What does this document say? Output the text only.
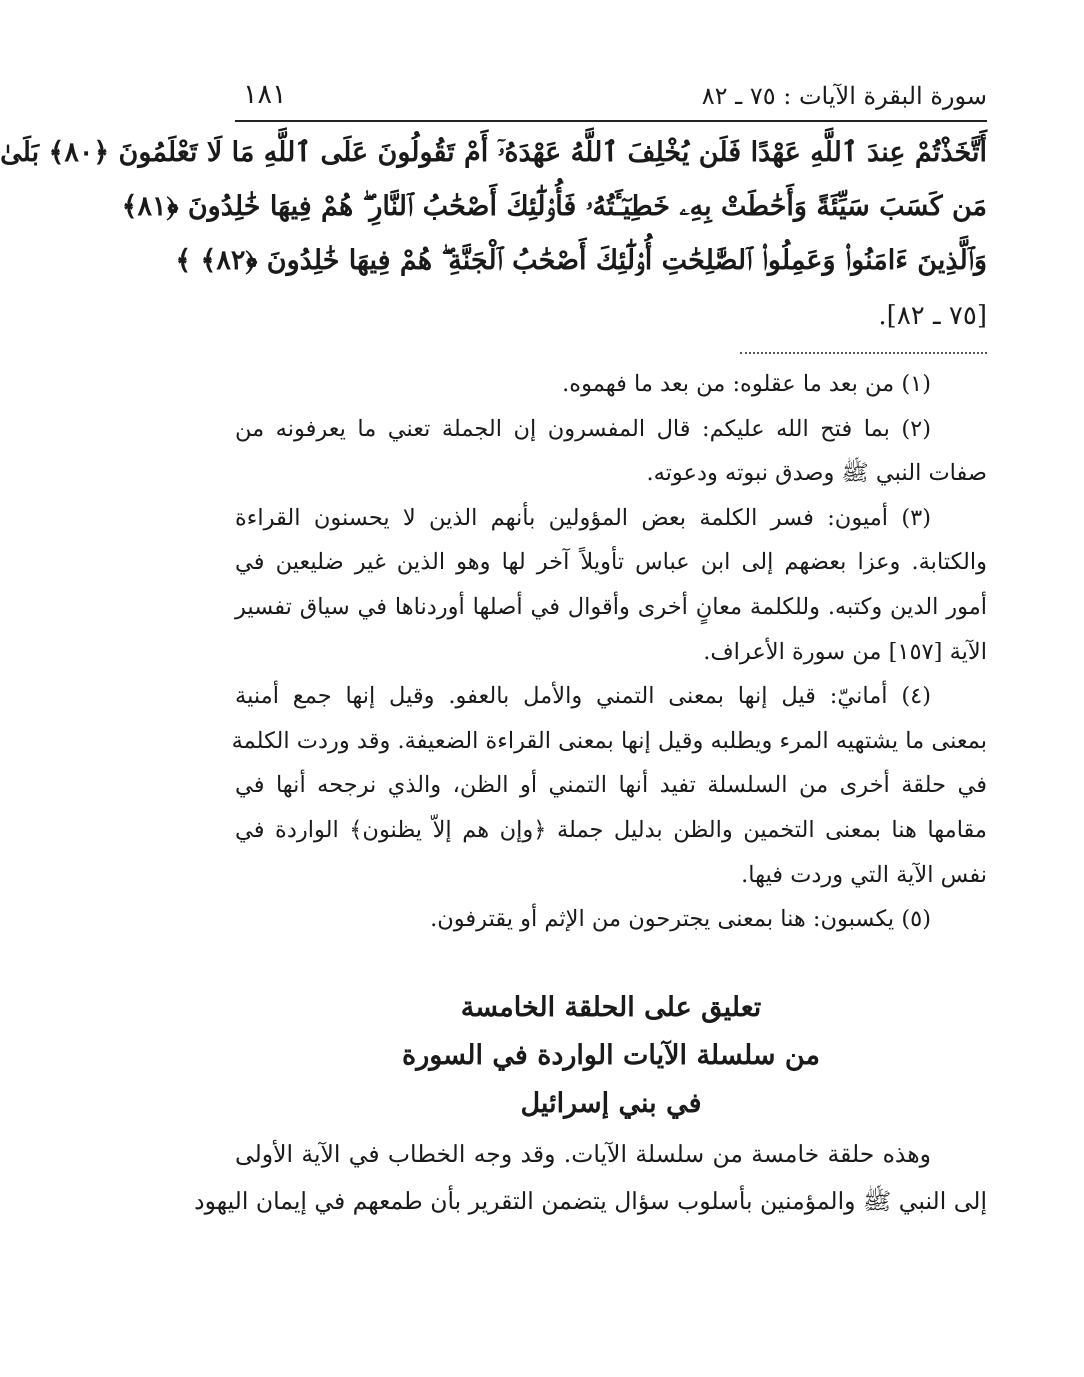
سورة البقرة الآيات : ٧٥ ـ ٨٢
١٨١
أَتَّخَذْتُمْ عِندَ ٱللَّهِ عَهْدًا فَلَن يُخْلِفَ ٱللَّهُ عَهْدَهُۥٓ أَمْ تَقُولُونَ عَلَى ٱللَّهِ مَا لَا تَعْلَمُونَ ﴿٨٠﴾ بَلَىٰ
مَن كَسَبَ سَيِّئَةً وَأَحَٰطَتْ بِهِۦ خَطِيٓـَٔتُهُۥ فَأُو۟لَٰٓئِكَ أَصْحَٰبُ ٱلنَّارِ ۖ هُمْ فِيهَا خَٰلِدُونَ ﴿٨١﴾
وَٱلَّذِينَ ءَامَنُوا۟ وَعَمِلُوا۟ ٱلصَّٰلِحَٰتِ أُو۟لَٰٓئِكَ أَصْحَٰبُ ٱلْجَنَّةِ ۖ هُمْ فِيهَا خَٰلِدُونَ ﴿٨٢﴾ ﴾
[٧٥ ـ ٨٢].
(١) من بعد ما عقلوه: من بعد ما فهموه.
(٢) بما فتح الله عليكم: قال المفسرون إن الجملة تعني ما يعرفونه من
صفات النبي ﷺ وصدق نبوته ودعوته.
(٣) أميون: فسر الكلمة بعض المؤولين بأنهم الذين لا يحسنون القراءة
والكتابة. وعزا بعضهم إلى ابن عباس تأويلاً آخر لها وهو الذين غير ضليعين في
أمور الدين وكتبه. وللكلمة معانٍ أخرى وأقوال في أصلها أوردناها في سياق تفسير
الآية [١٥٧] من سورة الأعراف.
(٤) أمانيّ: قيل إنها بمعنى التمني والأمل بالعفو. وقيل إنها جمع أمنية
بمعنى ما يشتهيه المرء ويطلبه وقيل إنها بمعنى القراءة الضعيفة. وقد وردت الكلمة
في حلقة أخرى من السلسلة تفيد أنها التمني أو الظن، والذي نرجحه أنها في
مقامها هنا بمعنى التخمين والظن بدليل جملة ﴿وإن هم إلاّ يظنون﴾ الواردة في
نفس الآية التي وردت فيها.
(٥) يكسبون: هنا بمعنى يجترحون من الإثم أو يقترفون.
تعليق على الحلقة الخامسة
من سلسلة الآيات الواردة في السورة
في بني إسرائيل
وهذه حلقة خامسة من سلسلة الآيات. وقد وجه الخطاب في الآية الأولى
إلى النبي ﷺ والمؤمنين بأسلوب سؤال يتضمن التقرير بأن طمعهم في إيمان اليهود
